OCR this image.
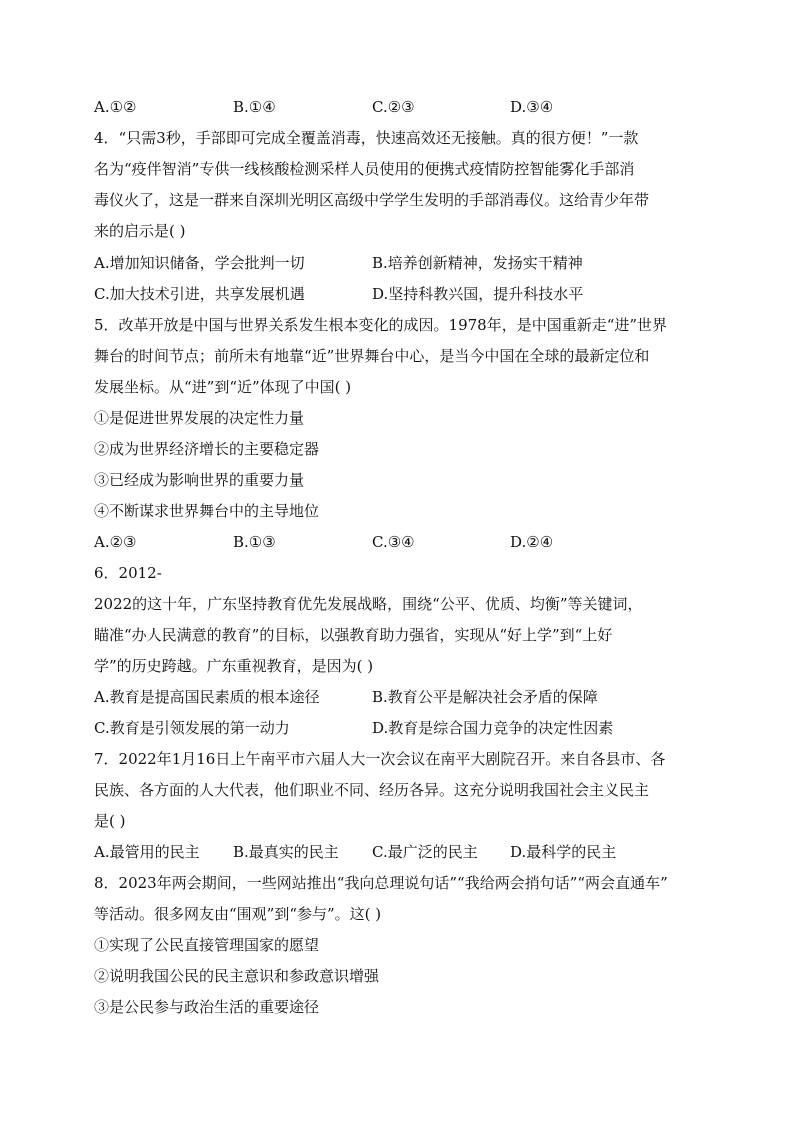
A.①②	B.①④	C.②③	D.③④
4．“只需3秒，手部即可完成全覆盖消毒，快速高效还无接触。真的很方便！”一款
名为“疫伴智消”专供一线核酸检测采样人员使用的便携式疫情防控智能雾化手部消
毒仪火了，这是一群来自深圳光明区高级中学学生发明的手部消毒仪。这给青少年带
来的启示是( )
A.增加知识储备，学会批判一切	B.培养创新精神，发扬实干精神
C.加大技术引进，共享发展机遇	D.坚持科教兴国，提升科技水平
5．改革开放是中国与世界关系发生根本变化的成因。1978年，是中国重新走“进”世界
舞台的时间节点；前所未有地靠“近”世界舞台中心，是当今中国在全球的最新定位和
发展坐标。从“进”到“近”体现了中国( )
①是促进世界发展的决定性力量
②成为世界经济增长的主要稳定器
③已经成为影响世界的重要力量
④不断谋求世界舞台中的主导地位
A.②③	B.①③	C.③④	D.②④
6．2012-
2022的这十年，广东坚持教育优先发展战略，围绕“公平、优质、均衡”等关键词，
瞄准“办人民满意的教育”的目标，以强教育助力强省，实现从“好上学”到“上好
学”的历史跨越。广东重视教育，是因为( )
A.教育是提高国民素质的根本途径	B.教育公平是解决社会矛盾的保障
C.教育是引领发展的第一动力	D.教育是综合国力竞争的决定性因素
7．2022年1月16日上午南平市六届人大一次会议在南平大剧院召开。来自各县市、各
民族、各方面的人大代表，他们职业不同、经历各异。这充分说明我国社会主义民主
是( )
A.最管用的民主 B.最真实的民主 C.最广泛的民主 D.最科学的民主
8．2023年两会期间，一些网站推出“我向总理说句话”“我给两会捎句话”“两会直通车”
等活动。很多网友由“围观”到“参与”。这( )
①实现了公民直接管理国家的愿望
②说明我国公民的民主意识和参政意识增强
③是公民参与政治生活的重要途径
